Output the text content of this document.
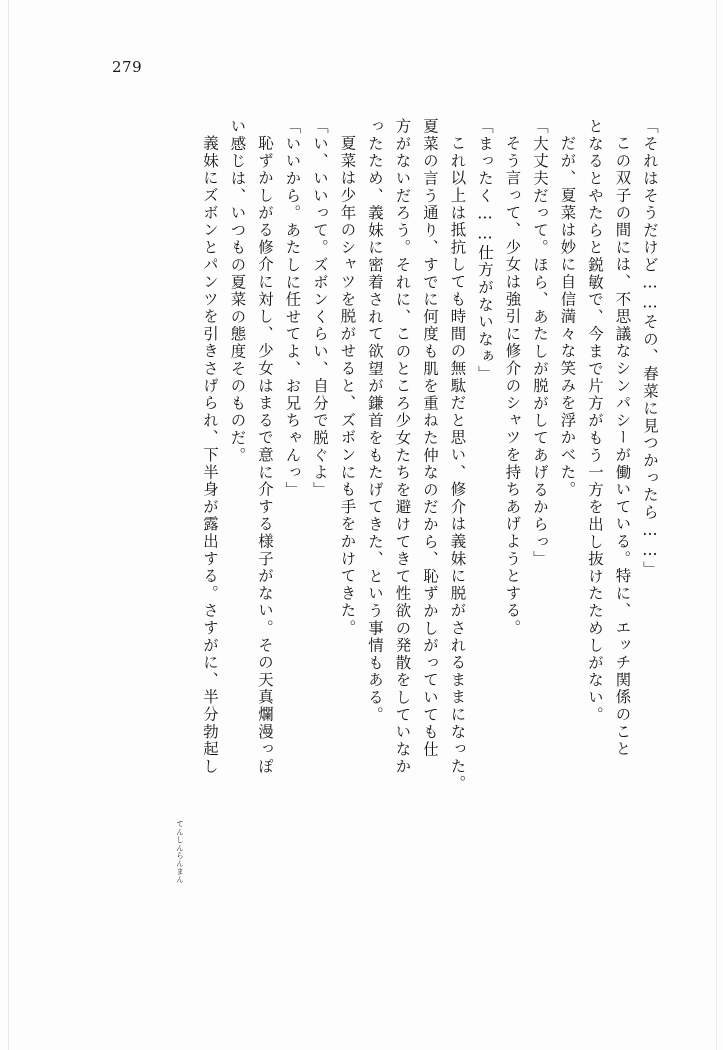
279
「それはそうだけど……その、春菜に見つかったら……」
この双子の間には、不思議なシンパシーが働いている。特に、エッチ関係のこと
となるとやたらと鋭敏で、今まで片方がもう一方を出し抜けたためしがない。
だが、夏菜は妙に自信満々な笑みを浮かべた。
「大丈夫だって。ほら、あたしが脱がしてあげるからっ」
そう言って、少女は強引に修介のシャツを持ちあげようとする。
「まったく……仕方がないなぁ」
これ以上は抵抗しても時間の無駄だと思い、修介は義妹に脱がされるままになった。
夏菜の言う通り、すでに何度も肌を重ねた仲なのだから、恥ずかしがっていても仕
方がないだろう。それに、このところ少女たちを避けてきて性欲の発散をしていなか
ったため、義妹に密着されて欲望が鎌首をもたげてきた、という事情もある。
夏菜は少年のシャツを脱がせると、ズボンにも手をかけてきた。
「い、いいって。ズボンくらい、自分で脱ぐよ」
「いいから。あたしに任せてよ、お兄ちゃんっ」
恥ずかしがる修介に対し、少女はまるで意に介する様子がない。その天真爛漫っぽ
い感じは、いつもの夏菜の態度そのものだ。
義妹にズボンとパンツを引きさげられ、下半身が露出する。さすがに、半分勃起し
てんしんらんまん
